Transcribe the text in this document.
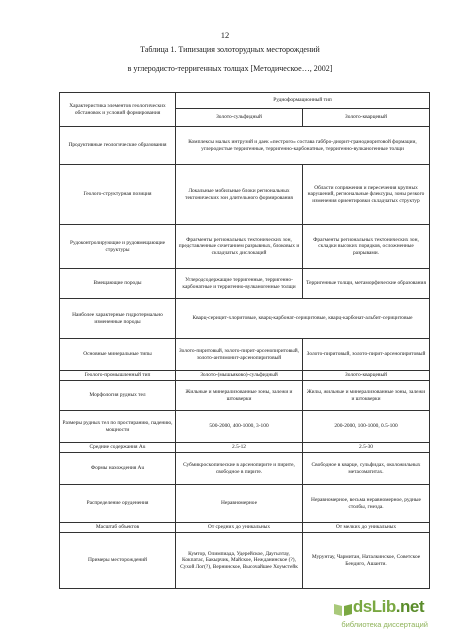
12
Таблица 1. Типизация золоторудных месторождений
в углеродисто-терригенных толщах [Методическое…, 2002]
Характеристика элементов геологических обстановок и условий формирования	Рудноформационный тип	
	Золото-сульфидный	Золото-кварцевый
Продуктивные геологические образования	Комплексы малых интрузий и даек «пестрого» состава габбро-диорит-гранодиоритовой формации, углеродистые терригенные, терригенно-карбонатные, терригенно-вулканогенные толщи	
Геолого-структурная позиция	Локальные мобильные блоки региональных тектонических зон длительного формирования	Области сопряжения и пересечения крупных нарушений, региональные флексуры, зоны резкого изменения ориентировки складчатых структур
Рудоконтролирующие и рудовмещающие структуры	Фрагменты региональных тектонических зон, представленные сочетанием разрывных, блоковых и складчатых дислокаций	Фрагменты региональных тектонических зон, складки высоких порядков, осложненные разрывами.
Вмещающие породы	Углеродсодержащие терригенные, терригенно-карбонатные и терригенно-вулканогенные толщи	Терригенные толщи, метаморфические образования
Наиболее характерные гидротермально измененные породы	Кварц-серицит-хлоритовые, кварц-карбонат-серицитовые, кварц-карбонат-альбит-серицитовые	
Основные минеральные типы	Золото-пиритовый, золото-пирит-арсенопиритовый, золото-антимонит-арсенопиритовый	Золото-пиритовый, золото-пирит-арсенопиритовый
Геолого-промышленный тип	Золото-(мышьяково)-сульфидный	Золото-кварцевый
Морфология рудных тел	Жильные и минерализованные зоны, залежи и штокверки	Жилы, жильные и минерализованные зоны, залежи и штокверки
Размеры рудных тел по простиранию, падению, мощности	500-2000, 400-1000, 3-100	200-2000, 100-1000, 0.5-100
Средние содержания Au	2.5-12	2.5-30
Формы нахождения Au	Субмикроскопические в арсенопирите и пирите, свободное в пирите.	Свободное в кварце, сульфидах, околожильных метасоматитах.
Распределение оруденения	Неравномерное	Неравномерное, весьма неравномерное, рудные столбы, гнезда.
Масштаб объектов	От средних до уникальных	От мелких до уникальных
Примеры месторождений	Кумтор, Олимпиада, Удерейское, Даугызтау, Кокпатас, Бакырчик, Майское, Нежданинское (?), Сухой Лог(?), Вернинское, Высочайшее Хоумстейк	Мурунтау, Чармитан, Наталкинское, Советское Бендиго, Ашанти.
dsLib.net
библиотека диссертаций
